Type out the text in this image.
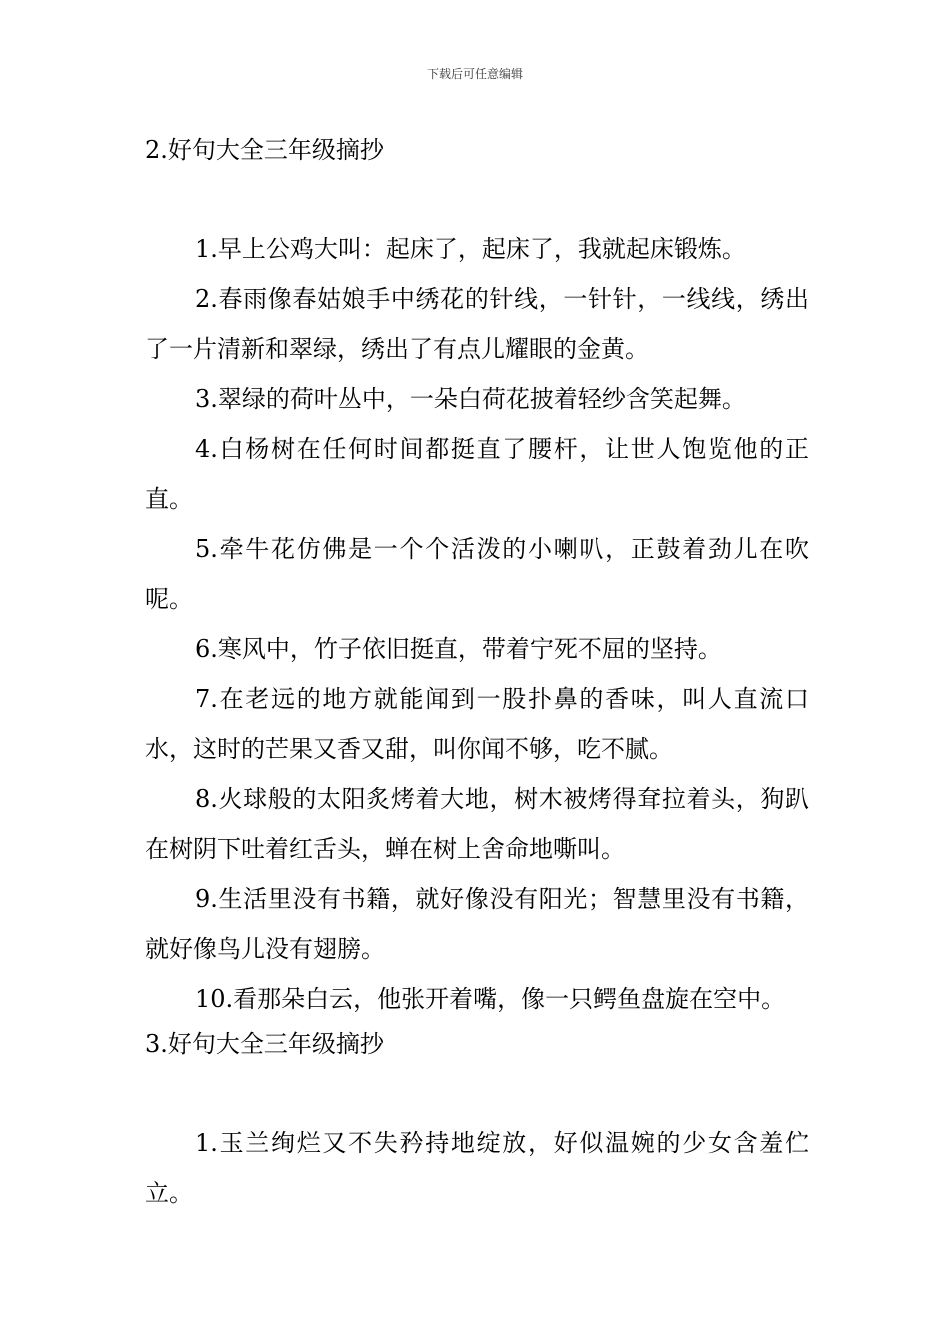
下载后可任意编辑
2.好句大全三年级摘抄

1.早上公鸡大叫：起床了，起床了，我就起床锻炼。

2.春雨像春姑娘手中绣花的针线，一针针，一线线，绣出了一片清新和翠绿，绣出了有点儿耀眼的金黄。

3.翠绿的荷叶丛中，一朵白荷花披着轻纱含笑起舞。

4.白杨树在任何时间都挺直了腰杆，让世人饱览他的正直。

5.牵牛花仿佛是一个个活泼的小喇叭，正鼓着劲儿在吹呢。

6.寒风中，竹子依旧挺直，带着宁死不屈的坚持。

7.在老远的地方就能闻到一股扑鼻的香味，叫人直流口水，这时的芒果又香又甜，叫你闻不够，吃不腻。

8.火球般的太阳炙烤着大地，树木被烤得耷拉着头，狗趴在树阴下吐着红舌头，蝉在树上舍命地嘶叫。

9.生活里没有书籍，就好像没有阳光；智慧里没有书籍，就好像鸟儿没有翅膀。

10.看那朵白云，他张开着嘴，像一只鳄鱼盘旋在空中。

3.好句大全三年级摘抄

1.玉兰绚烂又不失矜持地绽放，好似温婉的少女含羞伫立。
